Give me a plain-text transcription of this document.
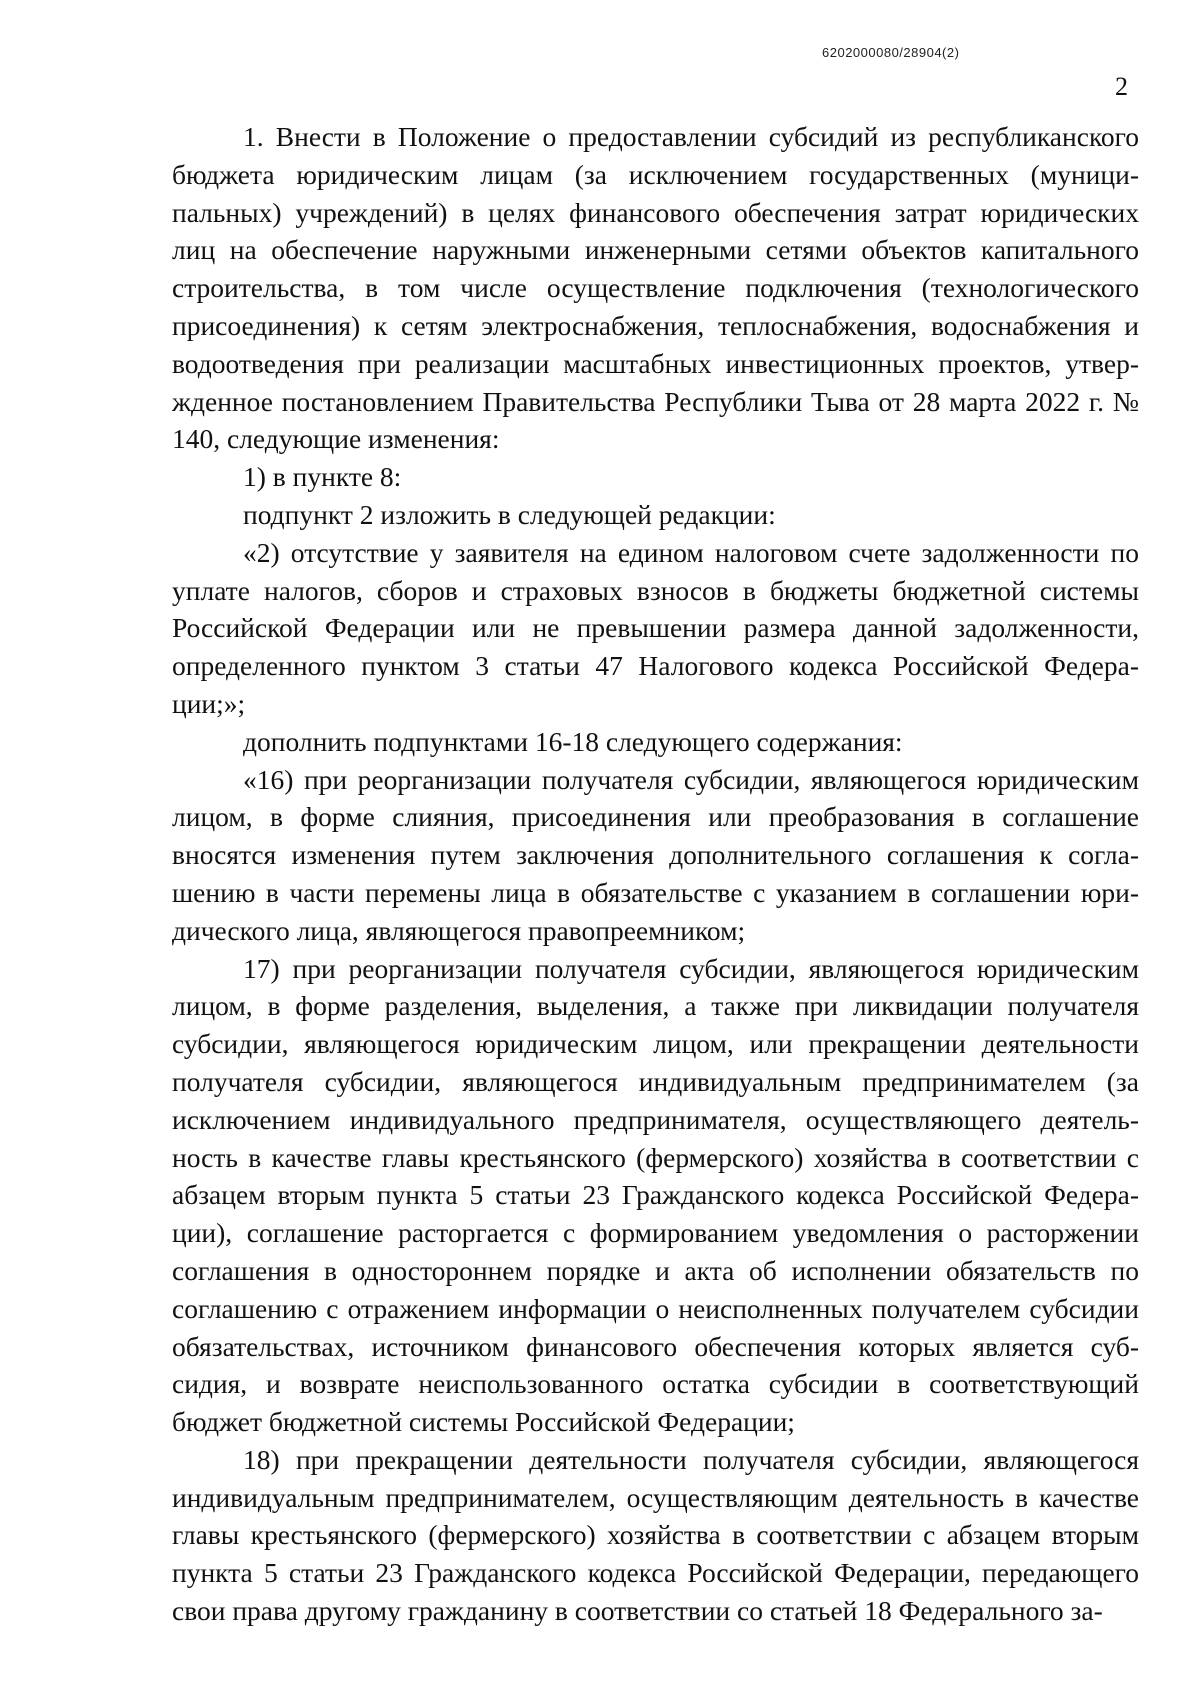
6202000080/28904(2)
2

1. Внести в Положение о предоставлении субсидий из республиканского бюджета юридическим лицам (за исключением государственных (муници-пальных) учреждений) в целях финансового обеспечения затрат юридических лиц на обеспечение наружными инженерными сетями объектов капитального строительства, в том числе осуществление подключения (технологического присоединения) к сетям электроснабжения, теплоснабжения, водоснабжения и водоотведения при реализации масштабных инвестиционных проектов, утвер-жденное постановлением Правительства Республики Тыва от 28 марта 2022 г. № 140, следующие изменения:

1) в пункте 8:

подпункт 2 изложить в следующей редакции:

«2) отсутствие у заявителя на едином налоговом счете задолженности по уплате налогов, сборов и страховых взносов в бюджеты бюджетной системы Российской Федерации или не превышении размера данной задолженности, определенного пунктом 3 статьи 47 Налогового кодекса Российской Федера-ции;»;

дополнить подпунктами 16-18 следующего содержания:

«16) при реорганизации получателя субсидии, являющегося юридическим лицом, в форме слияния, присоединения или преобразования в соглашение вносятся изменения путем заключения дополнительного соглашения к согла-шению в части перемены лица в обязательстве с указанием в соглашении юри-дического лица, являющегося правопреемником;

17) при реорганизации получателя субсидии, являющегося юридическим лицом, в форме разделения, выделения, а также при ликвидации получателя субсидии, являющегося юридическим лицом, или прекращении деятельности получателя субсидии, являющегося индивидуальным предпринимателем (за исключением индивидуального предпринимателя, осуществляющего деятель-ность в качестве главы крестьянского (фермерского) хозяйства в соответствии с абзацем вторым пункта 5 статьи 23 Гражданского кодекса Российской Федера-ции), соглашение расторгается с формированием уведомления о расторжении соглашения в одностороннем порядке и акта об исполнении обязательств по соглашению с отражением информации о неисполненных получателем субсидии обязательствах, источником финансового обеспечения которых является суб-сидия, и возврате неиспользованного остатка субсидии в соответствующий бюджет бюджетной системы Российской Федерации;

18) при прекращении деятельности получателя субсидии, являющегося индивидуальным предпринимателем, осуществляющим деятельность в качестве главы крестьянского (фермерского) хозяйства в соответствии с абзацем вторым пункта 5 статьи 23 Гражданского кодекса Российской Федерации, передающего свои права другому гражданину в соответствии со статьей 18 Федерального за-
